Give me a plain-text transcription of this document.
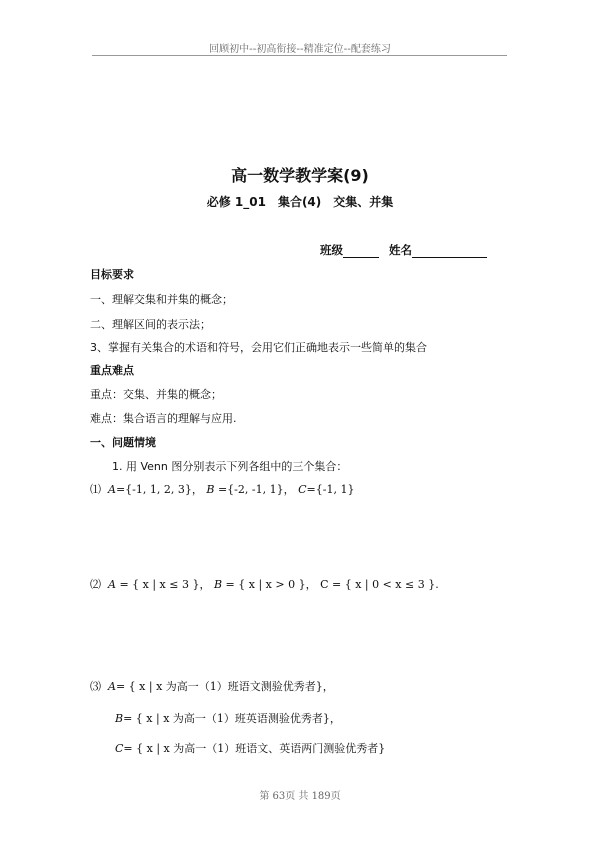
回顾初中--初高衔接--精准定位--配套练习
高一数学教学案(9)
必修 1_01　集合(4)　交集、并集
班级	姓名
目标要求
一、理解交集和并集的概念；
二、理解区间的表示法；
3、掌握有关集合的术语和符号，会用它们正确地表示一些简单的集合
重点难点
重点：交集、并集的概念；
难点：集合语言的理解与应用.
一、问题情境
1. 用 Venn 图分别表示下列各组中的三个集合：
⑴ A={-1, 1, 2, 3}， B ={-2, -1, 1}， C={-1, 1}
⑵ A = { x | x ≤ 3 }， B = { x | x > 0 }， C = { x | 0 < x ≤ 3 }.
⑶ A= { x | x 为高一（1）班语文测验优秀者}，
B= { x | x 为高一（1）班英语测验优秀者}，
C= { x | x 为高一（1）班语文、英语两门测验优秀者}
第 63页 共 189页
